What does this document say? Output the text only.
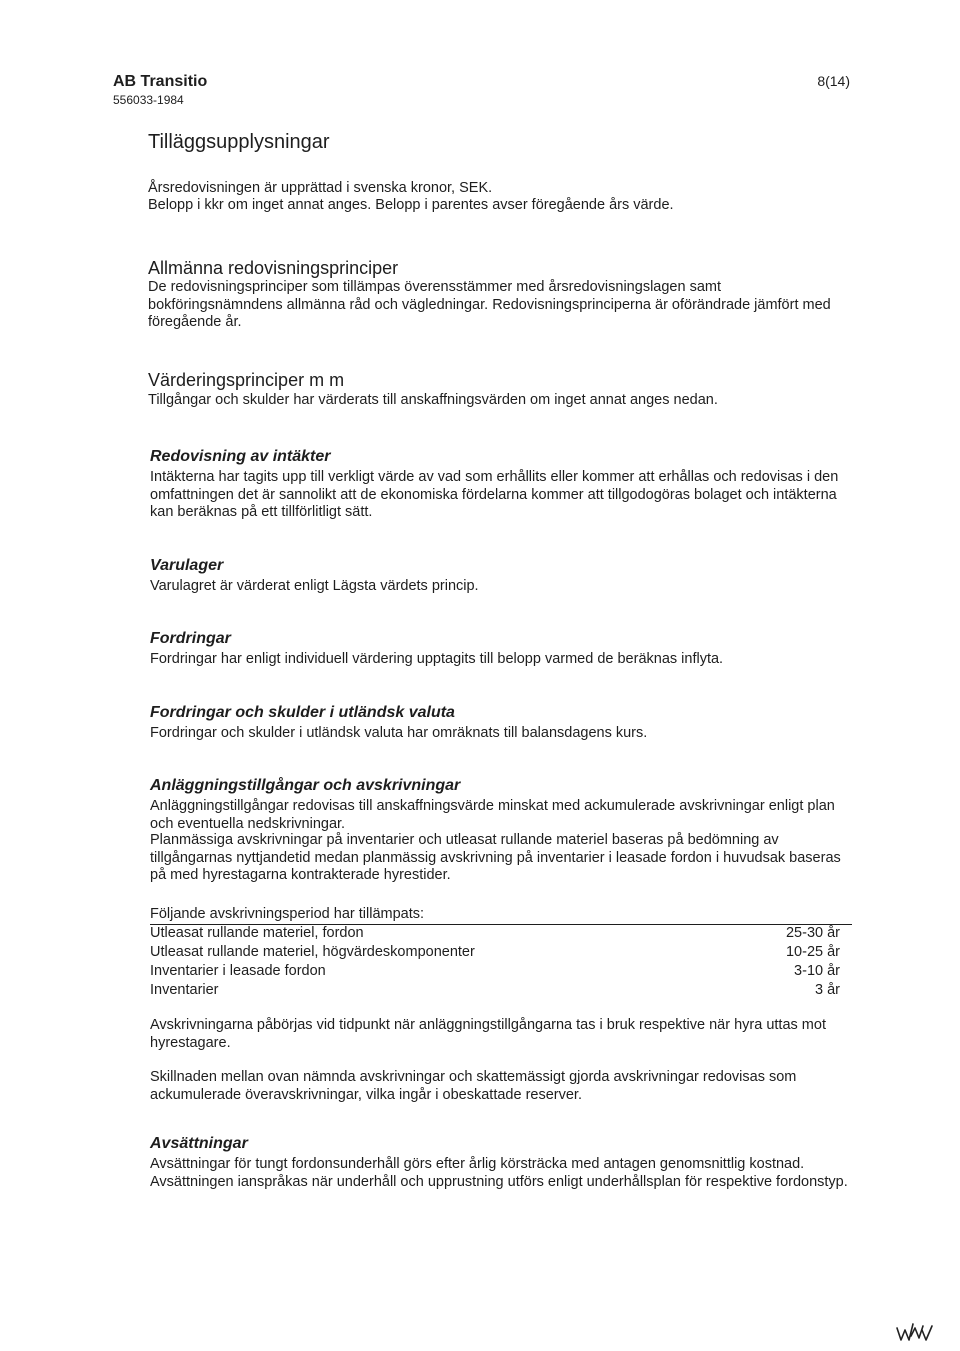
AB Transitio
556033-1984
8(14)
Tilläggsupplysningar
Årsredovisningen är upprättad i svenska kronor, SEK.
Belopp i kkr om inget annat anges. Belopp i parentes avser föregående års värde.
Allmänna redovisningsprinciper
De redovisningsprinciper som tillämpas överensstämmer med årsredovisningslagen samt bokföringsnämndens allmänna råd och vägledningar. Redovisningsprinciperna är oförändrade jämfört med föregående år.
Värderingsprinciper m m
Tillgångar och skulder har värderats till anskaffningsvärden om inget annat anges nedan.
Redovisning av intäkter
Intäkterna har tagits upp till verkligt värde av vad som erhållits eller kommer att erhållas och redovisas i den omfattningen det är sannolikt att de ekonomiska fördelarna kommer att tillgodogöras bolaget och intäkterna kan beräknas på ett tillförlitligt sätt.
Varulager
Varulagret är värderat enligt Lägsta värdets princip.
Fordringar
Fordringar har enligt individuell värdering upptagits till belopp varmed de beräknas inflyta.
Fordringar och skulder i utländsk valuta
Fordringar och skulder i utländsk valuta har omräknats till balansdagens kurs.
Anläggningstillgångar och avskrivningar
Anläggningstillgångar redovisas till anskaffningsvärde minskat med ackumulerade avskrivningar enligt plan och eventuella nedskrivningar.
Planmässiga avskrivningar på inventarier och utleasat rullande materiel baseras på bedömning av tillgångarnas nyttjandetid medan planmässig avskrivning på inventarier i leasade fordon i huvudsak baseras på med hyrestagarna kontrakterade hyrestider.
Följande avskrivningsperiod har tillämpats:
Utleasat rullande materiel, fordon	25-30 år
Utleasat rullande materiel, högvärdeskomponenter	10-25 år
Inventarier i leasade fordon	3-10 år
Inventarier	3 år
Avskrivningarna påbörjas vid tidpunkt när anläggningstillgångarna tas i bruk respektive när hyra uttas mot hyrestagare.
Skillnaden mellan ovan nämnda avskrivningar och skattemässigt gjorda avskrivningar redovisas som ackumulerade överavskrivningar, vilka ingår i obeskattade reserver.
Avsättningar
Avsättningar för tungt fordonsunderhåll görs efter årlig körsträcka med antagen genomsnittlig kostnad. Avsättningen ianspråkas när underhåll och upprustning utförs enligt underhållsplan för respektive fordonstyp.
